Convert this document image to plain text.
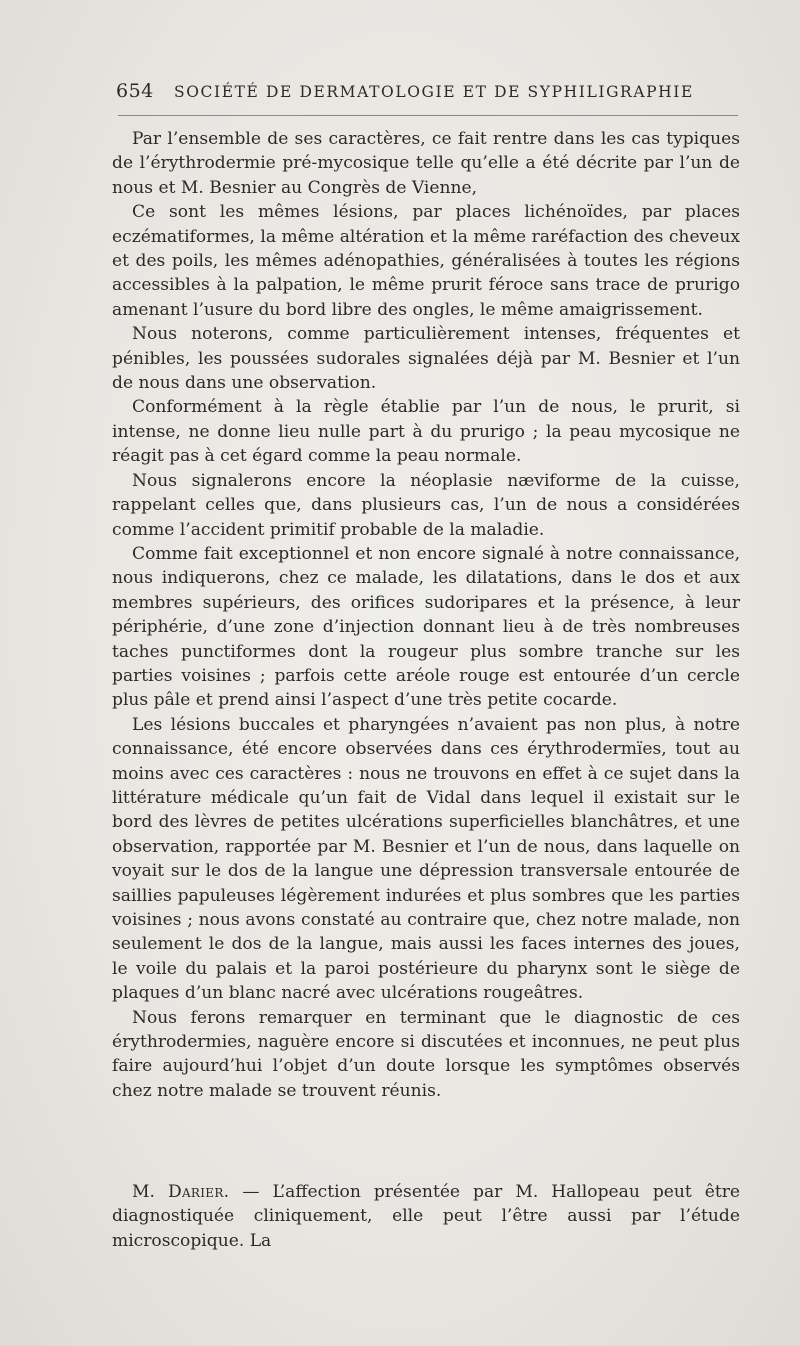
654 SOCIÉTÉ DE DERMATOLOGIE ET DE SYPHILIGRAPHIE

Par l’ensemble de ses caractères, ce fait rentre dans les cas typiques de l’érythrodermie pré-mycosique telle qu’elle a été décrite par l’un de nous et M. Besnier au Congrès de Vienne,

Ce sont les mêmes lésions, par places lichénoïdes, par places eczématiformes, la même altération et la même raréfaction des cheveux et des poils, les mêmes adénopathies, généralisées à toutes les régions accessibles à la palpation, le même prurit féroce sans trace de prurigo amenant l’usure du bord libre des ongles, le même amaigrissement.

Nous noterons, comme particulièrement intenses, fréquentes et pénibles, les poussées sudorales signalées déjà par M. Besnier et l’un de nous dans une observation.

Conformément à la règle établie par l’un de nous, le prurit, si intense, ne donne lieu nulle part à du prurigo ; la peau mycosique ne réagit pas à cet égard comme la peau normale.

Nous signalerons encore la néoplasie næviforme de la cuisse, rappelant celles que, dans plusieurs cas, l’un de nous a considérées comme l’accident primitif probable de la maladie.

Comme fait exceptionnel et non encore signalé à notre connaissance, nous indiquerons, chez ce malade, les dilatations, dans le dos et aux membres supérieurs, des orifices sudoripares et la présence, à leur périphérie, d’une zone d’injection donnant lieu à de très nombreuses taches punctiformes dont la rougeur plus sombre tranche sur les parties voisines ; parfois cette aréole rouge est entourée d’un cercle plus pâle et prend ainsi l’aspect d’une très petite cocarde.

Les lésions buccales et pharyngées n’avaient pas non plus, à notre connaissance, été encore observées dans ces érythrodermïes, tout au moins avec ces caractères : nous ne trouvons en effet à ce sujet dans la littérature médicale qu’un fait de Vidal dans lequel il existait sur le bord des lèvres de petites ulcérations superficielles blanchâtres, et une observation, rapportée par M. Besnier et l’un de nous, dans laquelle on voyait sur le dos de la langue une dépression transversale entourée de saillies papuleuses légèrement indurées et plus sombres que les parties voisines ; nous avons constaté au contraire que, chez notre malade, non seulement le dos de la langue, mais aussi les faces internes des joues, le voile du palais et la paroi postérieure du pharynx sont le siège de plaques d’un blanc nacré avec ulcérations rougeâtres.

Nous ferons remarquer en terminant que le diagnostic de ces érythrodermies, naguère encore si discutées et inconnues, ne peut plus faire aujourd’hui l’objet d’un doute lorsque les symptômes observés chez notre malade se trouvent réunis.

M. Darier. — L’affection présentée par M. Hallopeau peut être diagnostiquée cliniquement, elle peut l’être aussi par l’étude microscopique. La
